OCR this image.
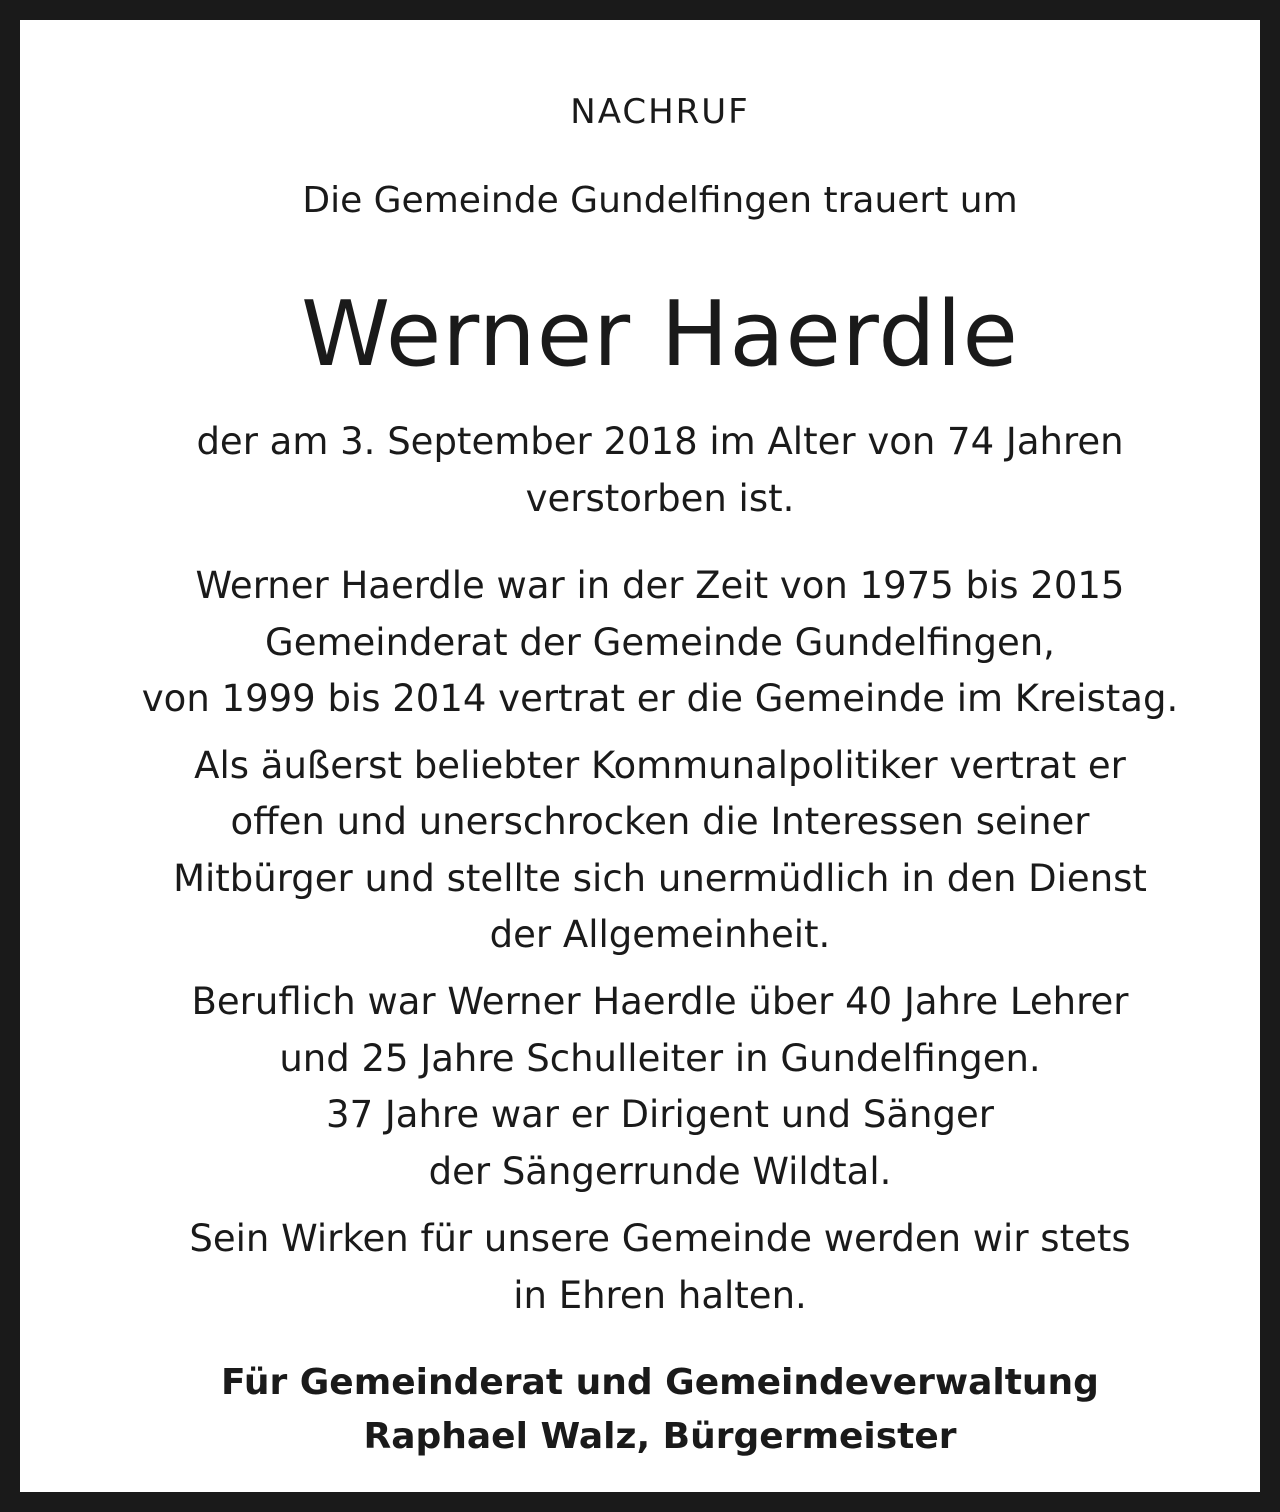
NACHRUF
Die Gemeinde Gundelfingen trauert um
Werner Haerdle
der am 3. September 2018 im Alter von 74 Jahren
verstorben ist.
Werner Haerdle war in der Zeit von 1975 bis 2015
Gemeinderat der Gemeinde Gundelfingen,
von 1999 bis 2014 vertrat er die Gemeinde im Kreistag.
Als äußerst beliebter Kommunalpolitiker vertrat er
offen und unerschrocken die Interessen seiner
Mitbürger und stellte sich unermüdlich in den Dienst
der Allgemeinheit.
Beruflich war Werner Haerdle über 40 Jahre Lehrer
und 25 Jahre Schulleiter in Gundelfingen.
37 Jahre war er Dirigent und Sänger
der Sängerrunde Wildtal.
Sein Wirken für unsere Gemeinde werden wir stets
in Ehren halten.
Für Gemeinderat und Gemeindeverwaltung
Raphael Walz, Bürgermeister
